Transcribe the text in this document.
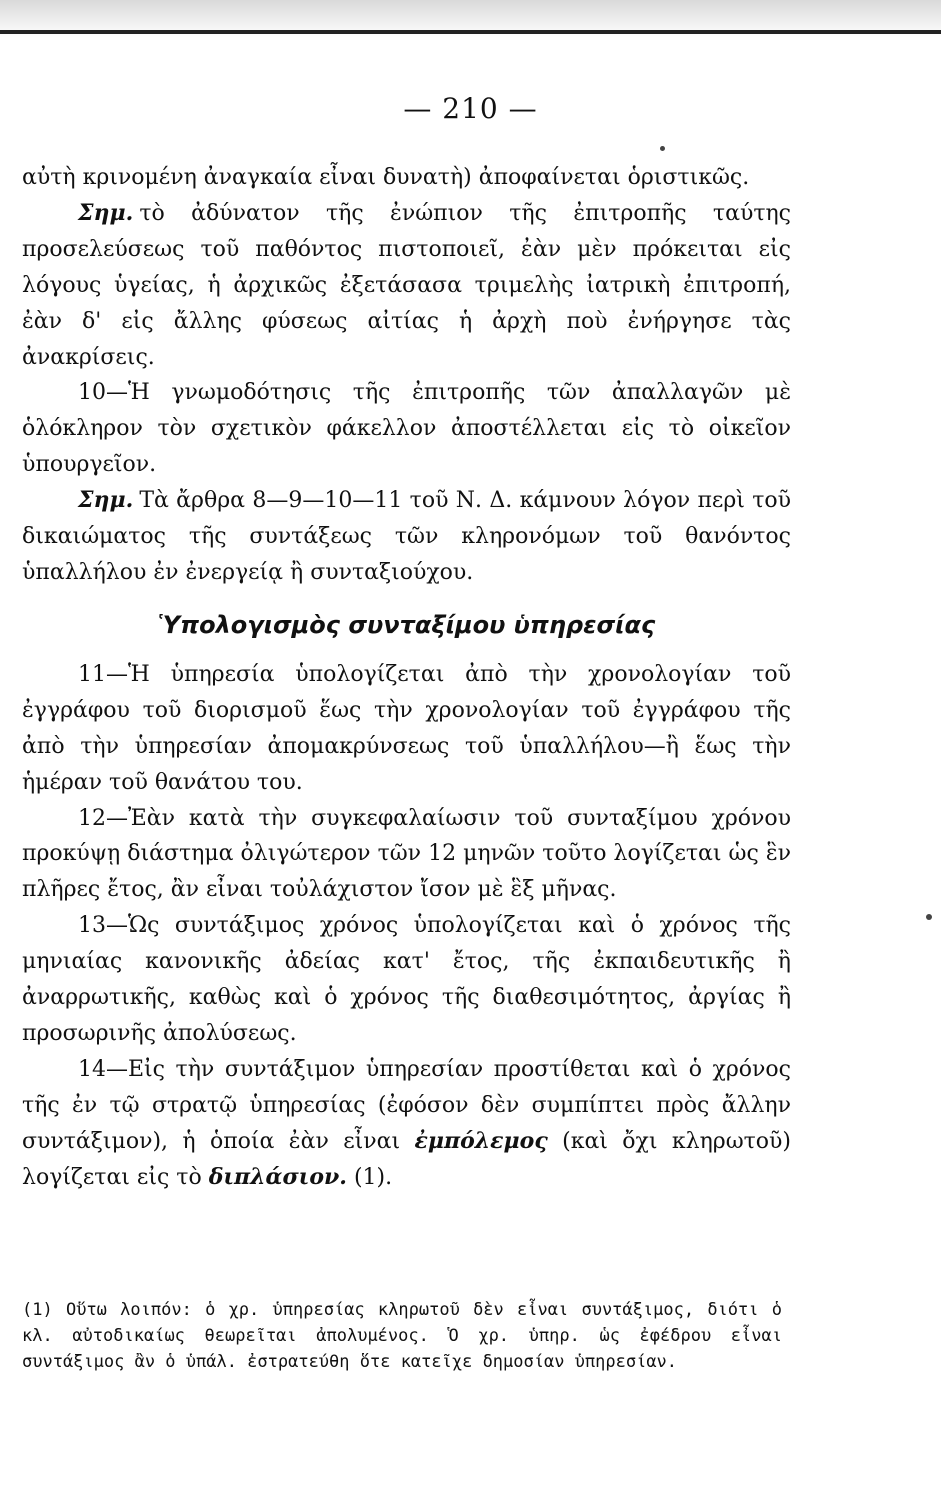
— 210 —

αὐτὴ κρινομένη ἀναγκαία εἶναι δυνατὴ) ἀποφαίνεται ὁριστικῶς.

Σημ. τὸ ἀδύνατον τῆς ἐνώπιον τῆς ἐπιτροπῆς ταύτης προσελεύσεως τοῦ παθόντος πιστοποιεῖ, ἐὰν μὲν πρόκειται εἰς λόγους ὑγείας, ἡ ἀρχικῶς ἐξετάσασα τριμελὴς ἰατρικὴ ἐπιτροπή, ἐὰν δ' εἰς ἄλλης φύσεως αἰτίας ἡ ἀρχὴ ποὺ ἐνήργησε τὰς ἀνακρίσεις.

10—Ἡ γνωμοδότησις τῆς ἐπιτροπῆς τῶν ἀπαλλαγῶν μὲ ὁλόκληρον τὸν σχετικὸν φάκελλον ἀποστέλλεται εἰς τὸ οἰκεῖον ὑπουργεῖον.

Σημ. Τὰ ἄρθρα 8—9—10—11 τοῦ Ν. Δ. κάμνουν λόγον περὶ τοῦ δικαιώματος τῆς συντάξεως τῶν κληρονόμων τοῦ θανόντος ὑπαλλήλου ἐν ἐνεργείᾳ ἢ συνταξιούχου.

Ὑπολογισμὸς συνταξίμου ὑπηρεσίας

11—Ἡ ὑπηρεσία ὑπολογίζεται ἀπὸ τὴν χρονολογίαν τοῦ ἐγγράφου τοῦ διορισμοῦ ἕως τὴν χρονολογίαν τοῦ ἐγγράφου τῆς ἀπὸ τὴν ὑπηρεσίαν ἀπομακρύνσεως τοῦ ὑπαλλήλου—ἢ ἕως τὴν ἡμέραν τοῦ θανάτου του.

12—Ἐὰν κατὰ τὴν συγκεφαλαίωσιν τοῦ συνταξίμου χρόνου προκύψῃ διάστημα ὀλιγώτερον τῶν 12 μηνῶν τοῦτο λογίζεται ὡς ἓν πλῆρες ἔτος, ἂν εἶναι τοὐλάχιστον ἴσον μὲ ἓξ μῆνας.

13—Ὡς συντάξιμος χρόνος ὑπολογίζεται καὶ ὁ χρόνος τῆς μηνιαίας κανονικῆς ἀδείας κατ' ἔτος, τῆς ἐκπαιδευτικῆς ἢ ἀναρρωτικῆς, καθὼς καὶ ὁ χρόνος τῆς διαθεσιμότητος, ἀργίας ἢ προσωρινῆς ἀπολύσεως.

14—Εἰς τὴν συντάξιμον ὑπηρεσίαν προστίθεται καὶ ὁ χρόνος τῆς ἐν τῷ στρατῷ ὑπηρεσίας (ἐφόσον δὲν συμπίπτει πρὸς ἄλλην συντάξιμον), ἡ ὁποία ἐὰν εἶναι ἐμπόλεμος (καὶ ὄχι κληρωτοῦ) λογίζεται εἰς τὸ διπλάσιον. (1).

(1) Οὕτω λοιπόν: ὁ χρ. ὑπηρεσίας κληρωτοῦ δὲν εἶναι συντάξιμος, διότι ὁ κλ. αὐτοδικαίως θεωρεῖται ἀπολυμένος. Ὁ χρ. ὑπηρ. ὡς ἐφέδρου εἶναι συντάξιμος ἂν ὁ ὑπάλ. ἐστρατεύθη ὅτε κατεῖχε δημοσίαν ὑπηρεσίαν.
